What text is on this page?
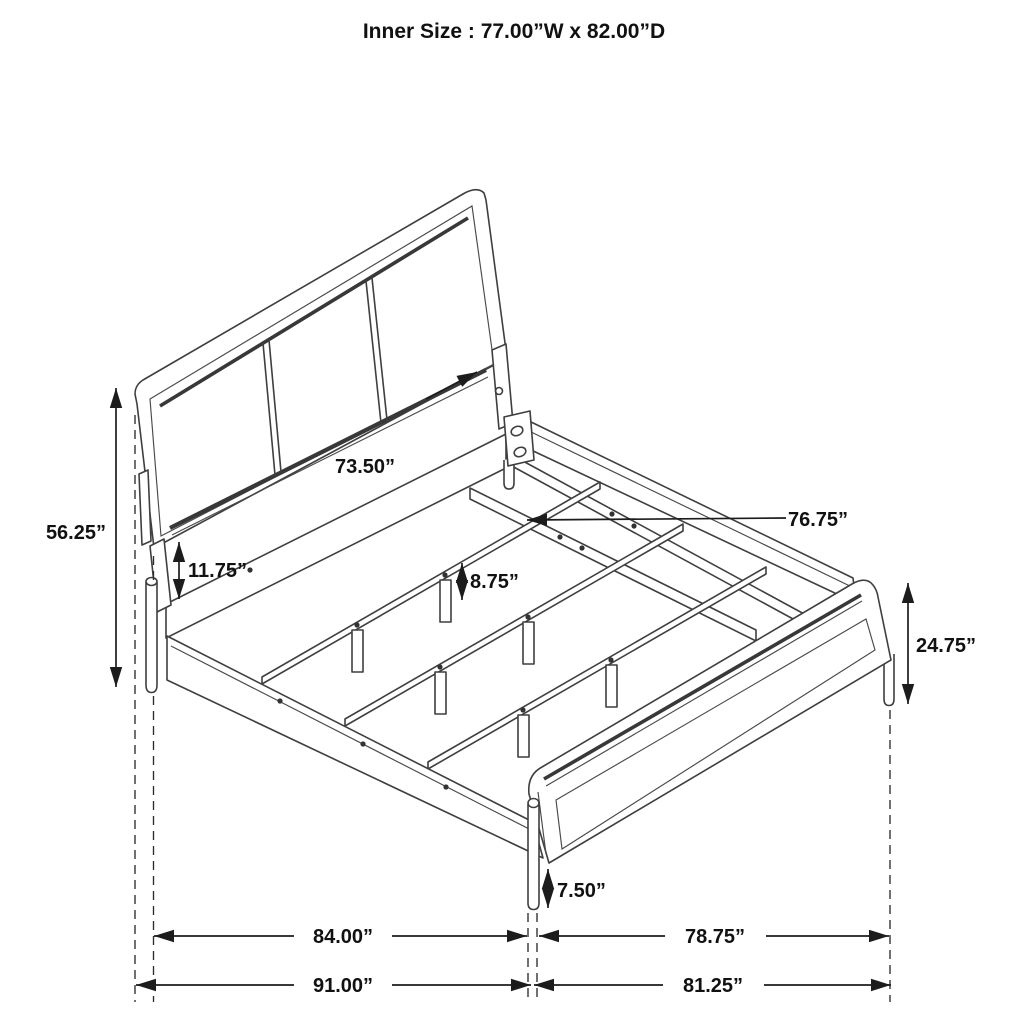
Inner Size : 77.00”W x 82.00”D
56.25”
11.75”
73.50”
8.75”
76.75”
24.75”
7.50”
84.00”	78.75”
91.00”	81.25”
